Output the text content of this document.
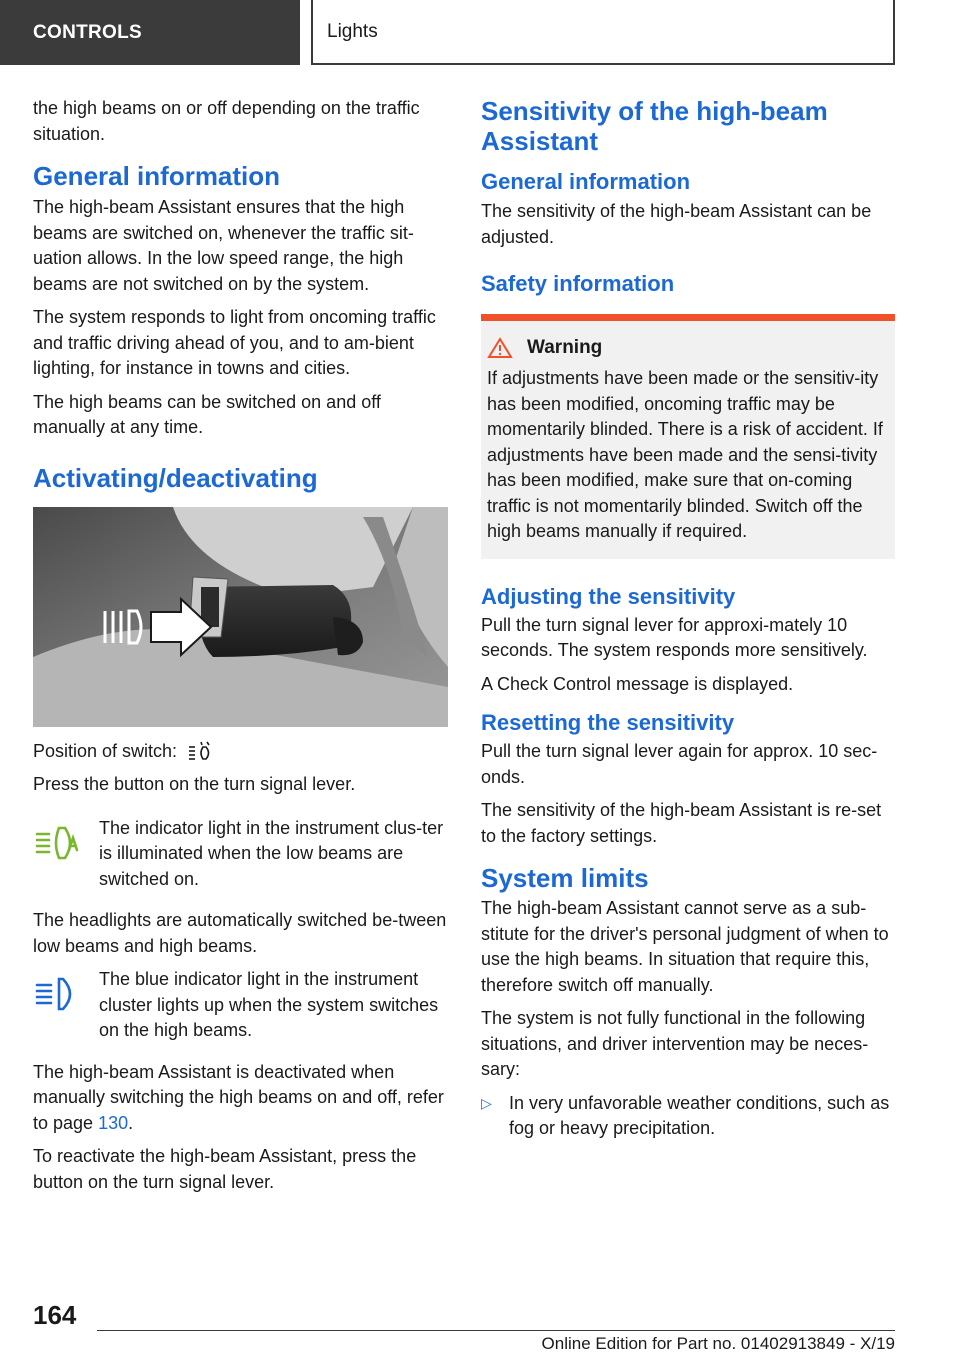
CONTROLS	Lights

the high beams on or off depending on the traffic situation.

General information

The high-beam Assistant ensures that the high beams are switched on, whenever the traffic sit-uation allows. In the low speed range, the high beams are not switched on by the system.

The system responds to light from oncoming traffic and traffic driving ahead of you, and to am-bient lighting, for instance in towns and cities.

The high beams can be switched on and off manually at any time.

Activating/deactivating
Position of switch:

Press the button on the turn signal lever.

The indicator light in the instrument clus-ter is illuminated when the low beams are switched on.

The headlights are automatically switched be-tween low beams and high beams.

The blue indicator light in the instrument cluster lights up when the system switches on the high beams.

The high-beam Assistant is deactivated when manually switching the high beams on and off, refer to page 130.

To reactivate the high-beam Assistant, press the button on the turn signal lever.

Sensitivity of the high-beam Assistant
General information

The sensitivity of the high-beam Assistant can be adjusted.

Safety information
Warning

If adjustments have been made or the sensitiv-ity has been modified, oncoming traffic may be momentarily blinded. There is a risk of accident. If adjustments have been made and the sensi-tivity has been modified, make sure that on-coming traffic is not momentarily blinded. Switch off the high beams manually if required.

Adjusting the sensitivity

Pull the turn signal lever for approxi-mately 10 seconds. The system responds more sensitively.

A Check Control message is displayed.

Resetting the sensitivity

Pull the turn signal lever again for approx. 10 sec-onds.

The sensitivity of the high-beam Assistant is re-set to the factory settings.

System limits

The high-beam Assistant cannot serve as a sub-stitute for the driver's personal judgment of when to use the high beams. In situation that require this, therefore switch off manually.

The system is not fully functional in the following situations, and driver intervention may be neces-sary:

▷ In very unfavorable weather conditions, such as fog or heavy precipitation.

164
Online Edition for Part no. 01402913849 - X/19
